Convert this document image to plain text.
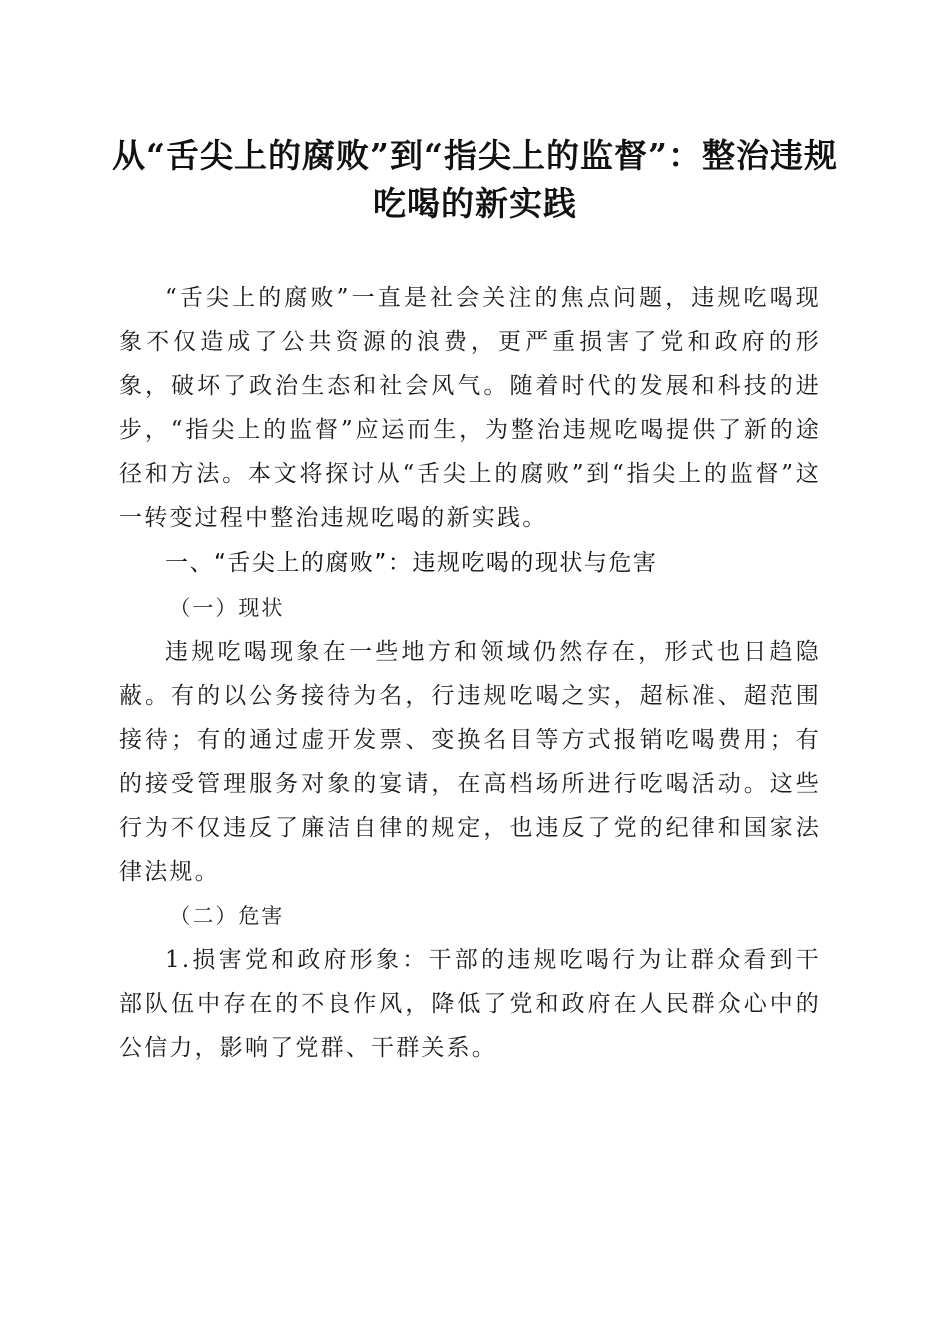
从“舌尖上的腐败”到“指尖上的监督”：整治违规吃喝的新实践

“舌尖上的腐败”一直是社会关注的焦点问题，违规吃喝现象不仅造成了公共资源的浪费，更严重损害了党和政府的形象，破坏了政治生态和社会风气。随着时代的发展和科技的进步，“指尖上的监督”应运而生，为整治违规吃喝提供了新的途径和方法。本文将探讨从“舌尖上的腐败”到“指尖上的监督”这一转变过程中整治违规吃喝的新实践。

一、“舌尖上的腐败”：违规吃喝的现状与危害
（一）现状

违规吃喝现象在一些地方和领域仍然存在，形式也日趋隐蔽。有的以公务接待为名，行违规吃喝之实，超标准、超范围接待；有的通过虚开发票、变换名目等方式报销吃喝费用；有的接受管理服务对象的宴请，在高档场所进行吃喝活动。这些行为不仅违反了廉洁自律的规定，也违反了党的纪律和国家法律法规。

（二）危害

1.损害党和政府形象：干部的违规吃喝行为让群众看到干部队伍中存在的不良作风，降低了党和政府在人民群众心中的公信力，影响了党群、干群关系。
